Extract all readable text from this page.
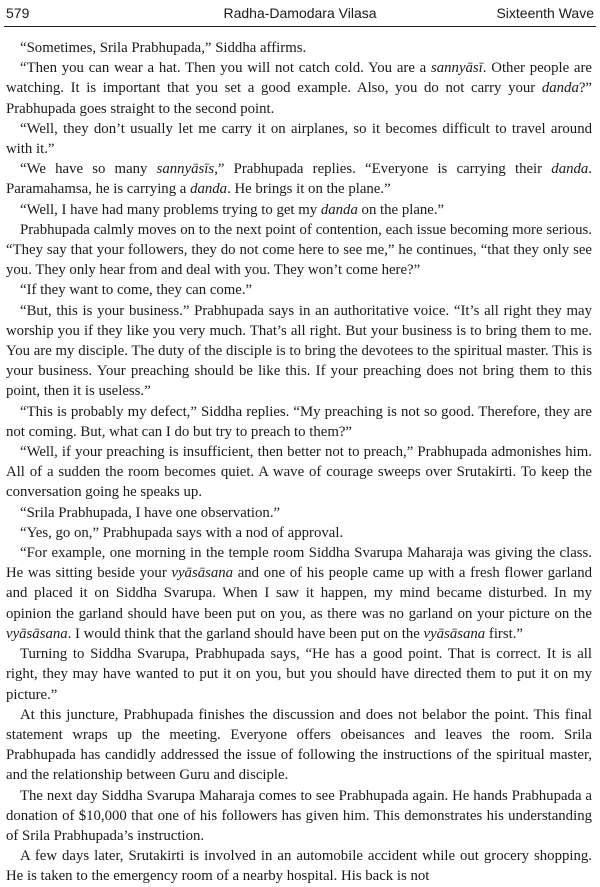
579	Radha-Damodara Vilasa	Sixteenth Wave

“Sometimes, Srila Prabhupada,” Siddha affirms.

“Then you can wear a hat. Then you will not catch cold. You are a sannyāsī. Other people are watching. It is important that you set a good example. Also, you do not carry your danda?” Prabhupada goes straight to the second point.

“Well, they don’t usually let me carry it on airplanes, so it becomes difficult to travel around with it.”

“We have so many sannyāsīs,” Prabhupada replies. “Everyone is carrying their danda. Paramahamsa, he is carrying a danda. He brings it on the plane.”

“Well, I have had many problems trying to get my danda on the plane.”

Prabhupada calmly moves on to the next point of contention, each issue becoming more serious. “They say that your followers, they do not come here to see me,” he continues, “that they only see you. They only hear from and deal with you. They won’t come here?”

“If they want to come, they can come.”

“But, this is your business.” Prabhupada says in an authoritative voice. “It’s all right they may worship you if they like you very much. That’s all right. But your business is to bring them to me. You are my disciple. The duty of the disciple is to bring the devotees to the spiritual master. This is your business. Your preaching should be like this. If your preaching does not bring them to this point, then it is useless.”

“This is probably my defect,” Siddha replies. “My preaching is not so good. Therefore, they are not coming. But, what can I do but try to preach to them?”

“Well, if your preaching is insufficient, then better not to preach,” Prabhupada admonishes him. All of a sudden the room becomes quiet. A wave of courage sweeps over Srutakirti. To keep the conversation going he speaks up.

“Srila Prabhupada, I have one observation.”

“Yes, go on,” Prabhupada says with a nod of approval.

“For example, one morning in the temple room Siddha Svarupa Maharaja was giving the class. He was sitting beside your vyāsāsana and one of his people came up with a fresh flower garland and placed it on Siddha Svarupa. When I saw it happen, my mind became disturbed. In my opinion the garland should have been put on you, as there was no garland on your picture on the vyāsāsana. I would think that the garland should have been put on the vyāsāsana first.”

Turning to Siddha Svarupa, Prabhupada says, “He has a good point. That is correct. It is all right, they may have wanted to put it on you, but you should have directed them to put it on my picture.”

At this juncture, Prabhupada finishes the discussion and does not belabor the point. This final statement wraps up the meeting. Everyone offers obeisances and leaves the room. Srila Prabhupada has candidly addressed the issue of following the instructions of the spiritual master, and the relationship between Guru and disciple.

The next day Siddha Svarupa Maharaja comes to see Prabhupada again. He hands Prabhupada a donation of $10,000 that one of his followers has given him. This demonstrates his understanding of Srila Prabhupada’s instruction.

A few days later, Srutakirti is involved in an automobile accident while out grocery shopping. He is taken to the emergency room of a nearby hospital. His back is not
